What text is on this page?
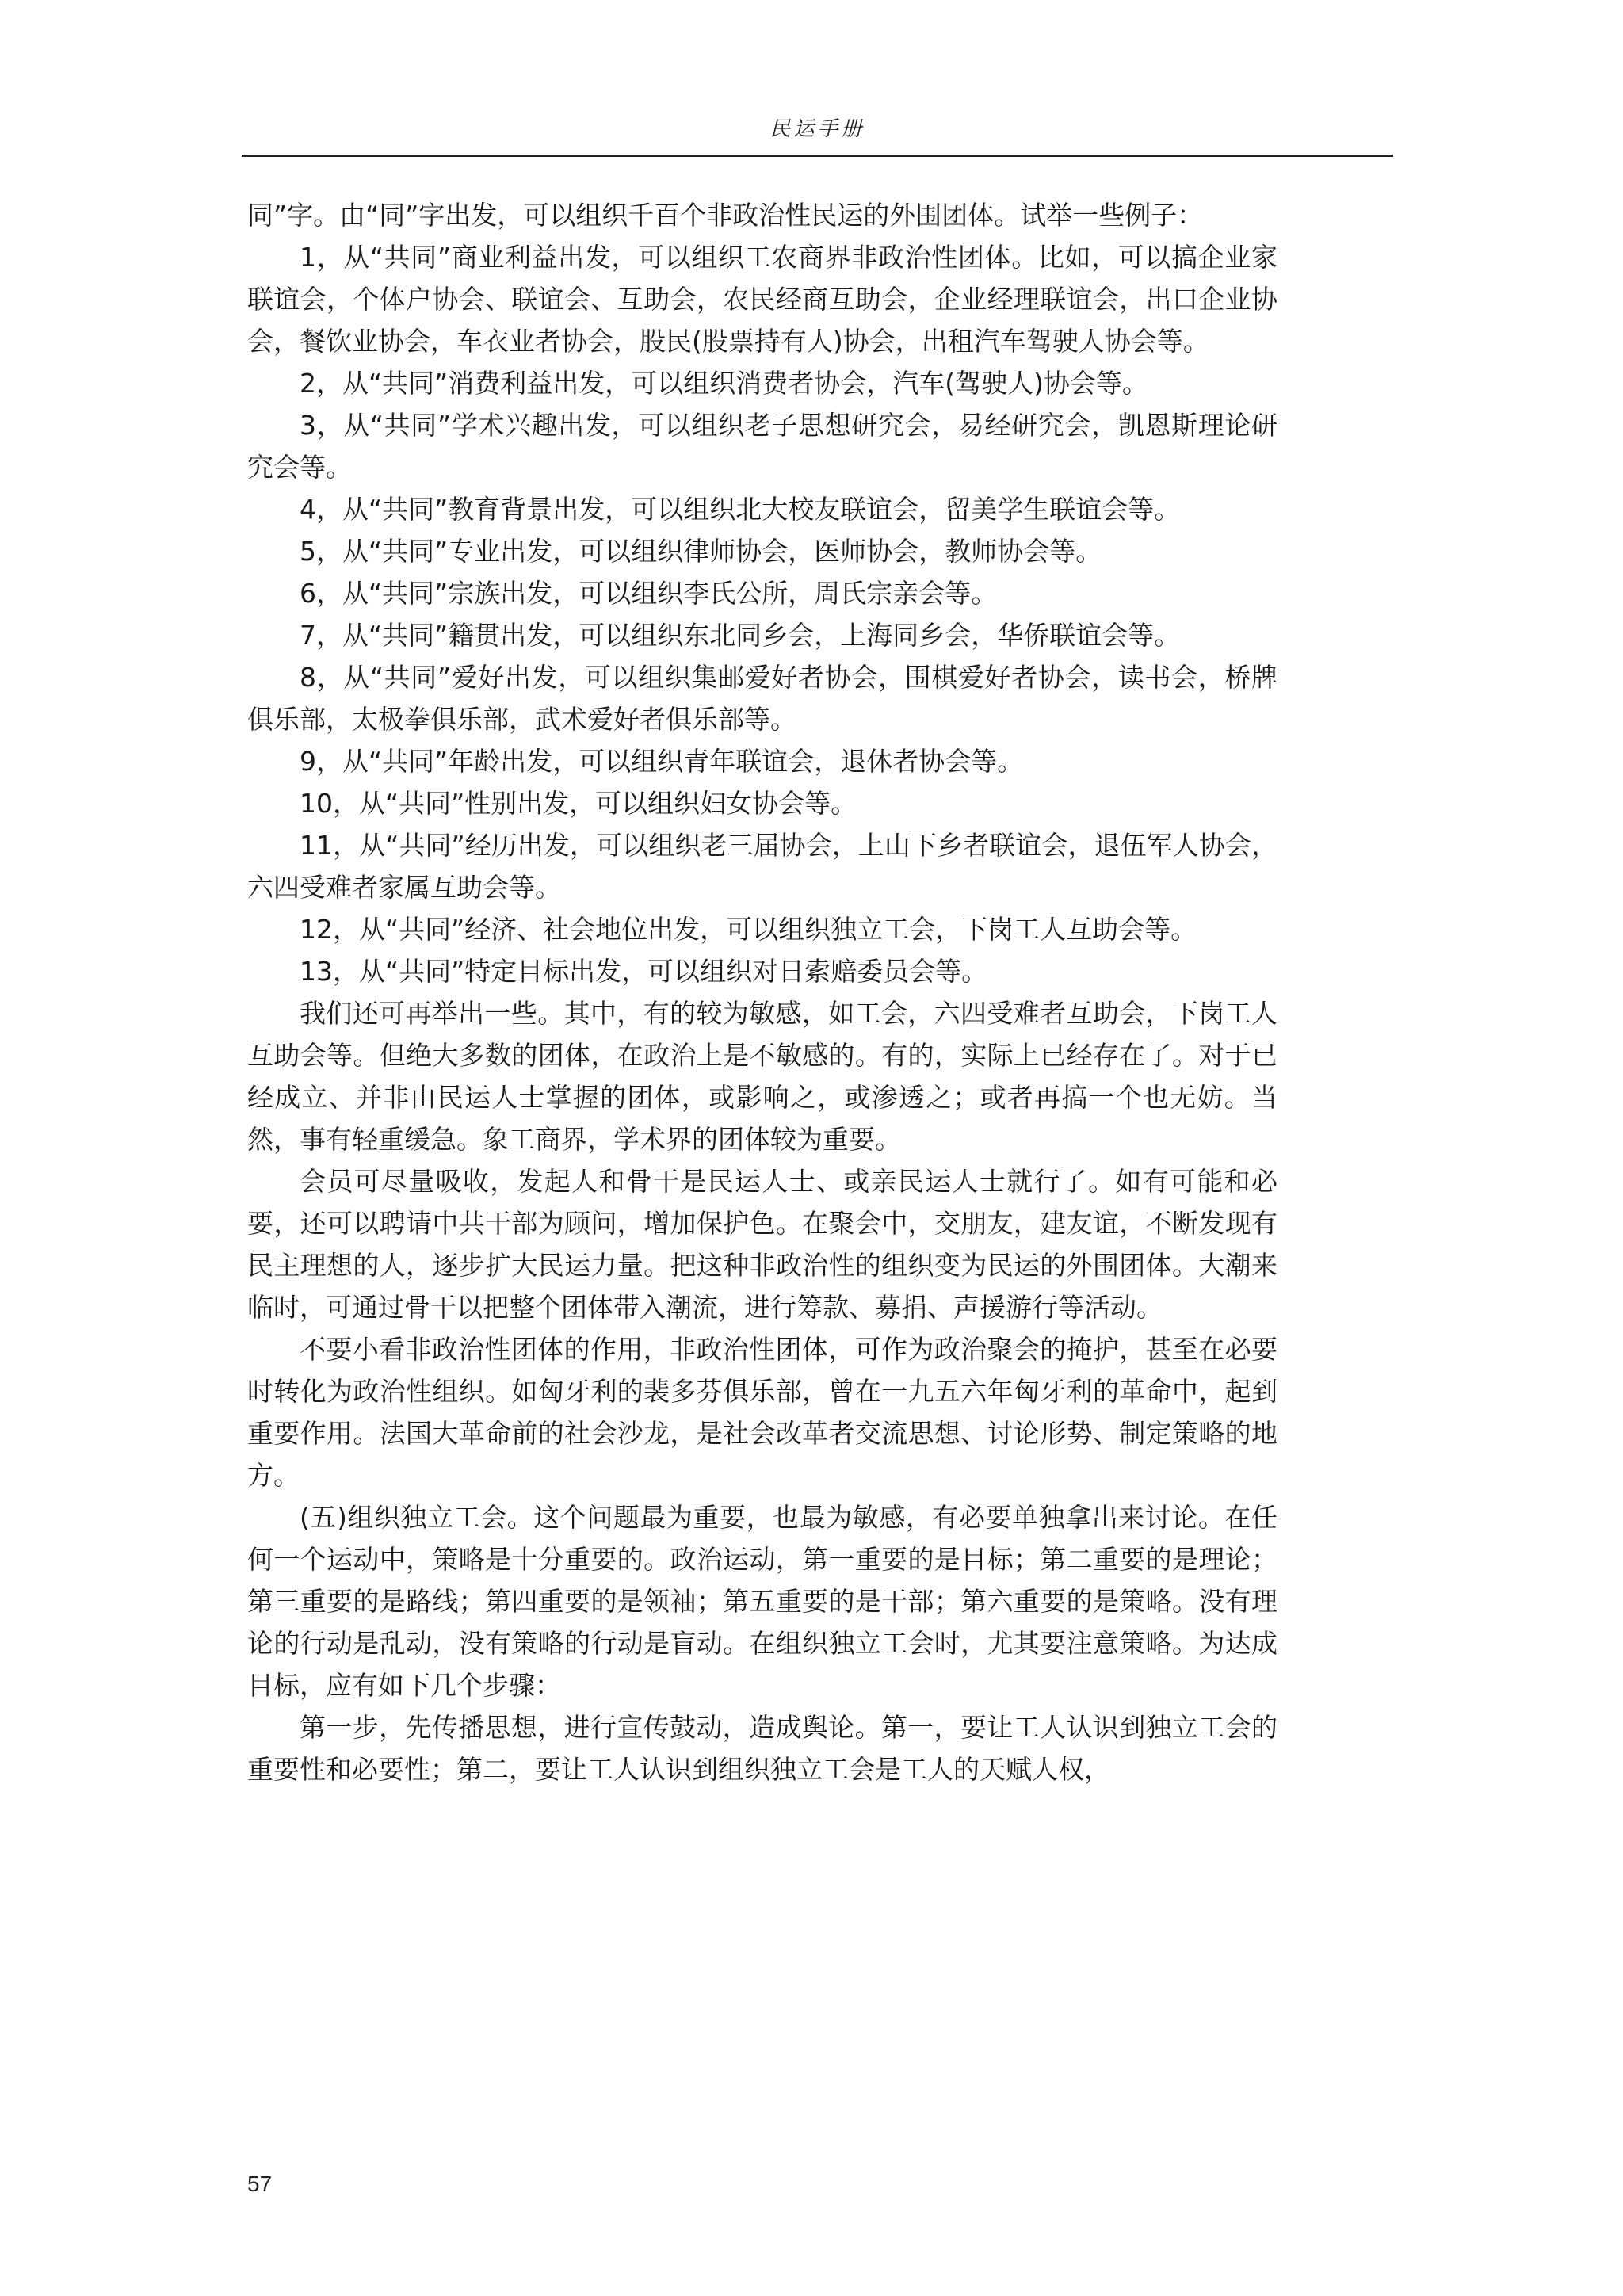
民运手册

同”字。由“同”字出发，可以组织千百个非政治性民运的外围团体。试举一些例子：

1，从“共同”商业利益出发，可以组织工农商界非政治性团体。比如，可以搞企业家联谊会，个体户协会、联谊会、互助会，农民经商互助会，企业经理联谊会，出口企业协会，餐饮业协会，车衣业者协会，股民(股票持有人)协会，出租汽车驾驶人协会等。

2，从“共同”消费利益出发，可以组织消费者协会，汽车(驾驶人)协会等。

3，从“共同”学术兴趣出发，可以组织老子思想研究会，易经研究会，凯恩斯理论研究会等。

4，从“共同”教育背景出发，可以组织北大校友联谊会，留美学生联谊会等。

5，从“共同”专业出发，可以组织律师协会，医师协会，教师协会等。

6，从“共同”宗族出发，可以组织李氏公所，周氏宗亲会等。

7，从“共同”籍贯出发，可以组织东北同乡会，上海同乡会，华侨联谊会等。

8，从“共同”爱好出发，可以组织集邮爱好者协会，围棋爱好者协会，读书会，桥牌俱乐部，太极拳俱乐部，武术爱好者俱乐部等。

9，从“共同”年龄出发，可以组织青年联谊会，退休者协会等。

10，从“共同”性别出发，可以组织妇女协会等。

11，从“共同”经历出发，可以组织老三届协会，上山下乡者联谊会，退伍军人协会，六四受难者家属互助会等。

12，从“共同”经济、社会地位出发，可以组织独立工会，下岗工人互助会等。

13，从“共同”特定目标出发，可以组织对日索赔委员会等。

我们还可再举出一些。其中，有的较为敏感，如工会，六四受难者互助会，下岗工人互助会等。但绝大多数的团体，在政治上是不敏感的。有的，实际上已经存在了。对于已经成立、并非由民运人士掌握的团体，或影响之，或渗透之；或者再搞一个也无妨。当然，事有轻重缓急。象工商界，学术界的团体较为重要。

会员可尽量吸收，发起人和骨干是民运人士、或亲民运人士就行了。如有可能和必要，还可以聘请中共干部为顾问，增加保护色。在聚会中，交朋友，建友谊，不断发现有民主理想的人，逐步扩大民运力量。把这种非政治性的组织变为民运的外围团体。大潮来临时，可通过骨干以把整个团体带入潮流，进行筹款、募捐、声援游行等活动。

不要小看非政治性团体的作用，非政治性团体，可作为政治聚会的掩护，甚至在必要时转化为政治性组织。如匈牙利的裴多芬俱乐部，曾在一九五六年匈牙利的革命中，起到重要作用。法国大革命前的社会沙龙，是社会改革者交流思想、讨论形势、制定策略的地方。

(五)组织独立工会。这个问题最为重要，也最为敏感，有必要单独拿出来讨论。在任何一个运动中，策略是十分重要的。政治运动，第一重要的是目标；第二重要的是理论；第三重要的是路线；第四重要的是领袖；第五重要的是干部；第六重要的是策略。没有理论的行动是乱动，没有策略的行动是盲动。在组织独立工会时，尤其要注意策略。为达成目标，应有如下几个步骤：

第一步，先传播思想，进行宣传鼓动，造成舆论。第一，要让工人认识到独立工会的重要性和必要性；第二，要让工人认识到组织独立工会是工人的天赋人权，

57
